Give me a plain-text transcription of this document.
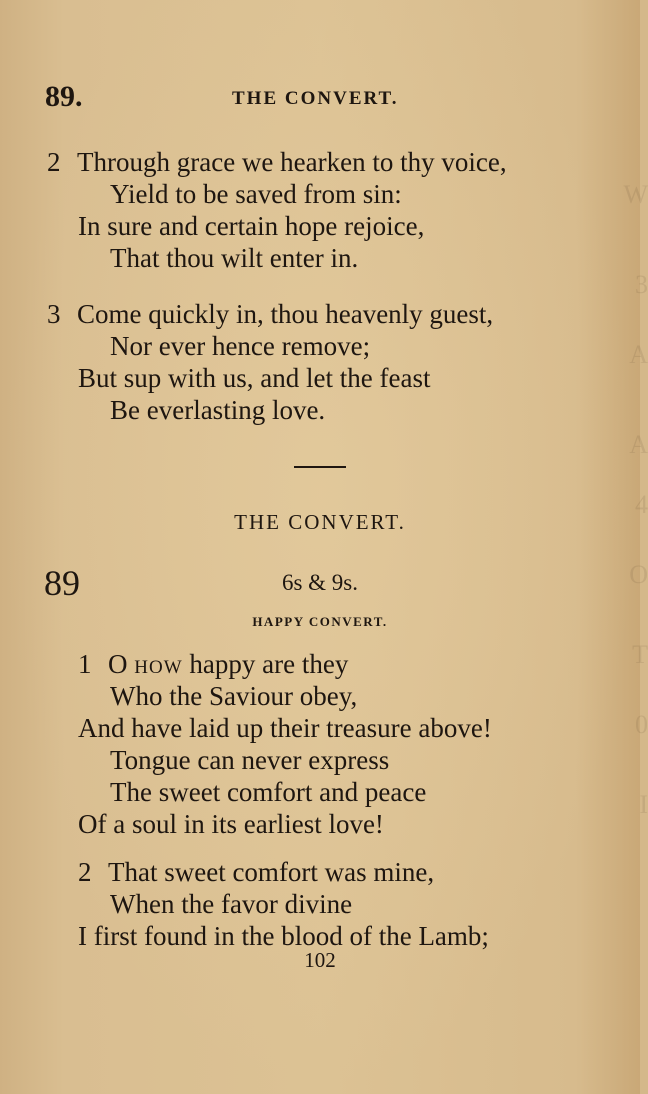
W
3
A
A
4
O
T
0
I
89.	THE CONVERT.
2 Through grace we hearken to thy voice,
Yield to be saved from sin:
In sure and certain hope rejoice,
That thou wilt enter in.
3 Come quickly in, thou heavenly guest,
Nor ever hence remove;
But sup with us, and let the feast
Be everlasting love.
THE CONVERT.
89	6s & 9s.
HAPPY CONVERT.
1 O how happy are they
Who the Saviour obey,
And have laid up their treasure above!
Tongue can never express
The sweet comfort and peace
Of a soul in its earliest love!
2 That sweet comfort was mine,
When the favor divine
I first found in the blood of the Lamb;
102
